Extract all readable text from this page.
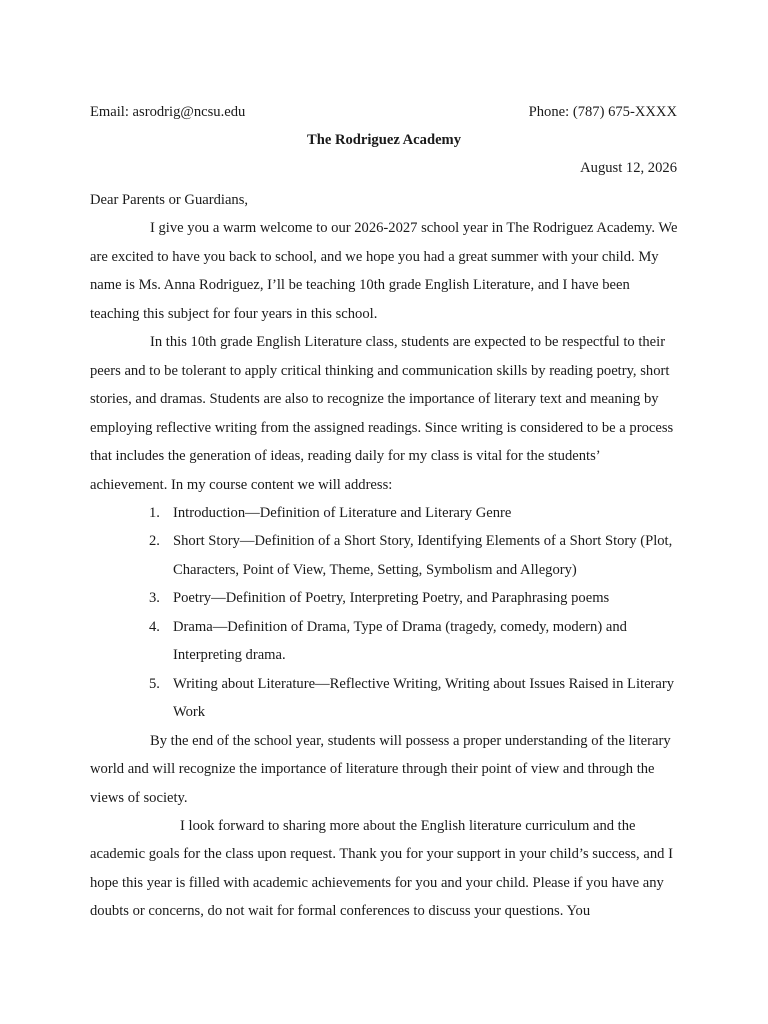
Email: asrodrig@ncsu.edu	Phone: (787) 675-XXXX
The Rodriguez Academy
August 12, 2026

Dear Parents or Guardians,

I give you a warm welcome to our 2026-2027 school year in The Rodriguez Academy. We are excited to have you back to school, and we hope you had a great summer with your child. My name is Ms. Anna Rodriguez, I’ll be teaching 10th grade English Literature, and I have been teaching this subject for four years in this school.

In this 10th grade English Literature class, students are expected to be respectful to their peers and to be tolerant to apply critical thinking and communication skills by reading poetry, short stories, and dramas. Students are also to recognize the importance of literary text and meaning by employing reflective writing from the assigned readings. Since writing is considered to be a process that includes the generation of ideas, reading daily for my class is vital for the students’ achievement. In my course content we will address:

1. Introduction—Definition of Literature and Literary Genre
2. Short Story—Definition of a Short Story, Identifying Elements of a Short Story (Plot, Characters, Point of View, Theme, Setting, Symbolism and Allegory)
3. Poetry—Definition of Poetry, Interpreting Poetry, and Paraphrasing poems
4. Drama—Definition of Drama, Type of Drama (tragedy, comedy, modern) and Interpreting drama.
5. Writing about Literature—Reflective Writing, Writing about Issues Raised in Literary Work

By the end of the school year, students will possess a proper understanding of the literary world and will recognize the importance of literature through their point of view and through the views of society.

I look forward to sharing more about the English literature curriculum and the academic goals for the class upon request. Thank you for your support in your child’s success, and I hope this year is filled with academic achievements for you and your child. Please if you have any doubts or concerns, do not wait for formal conferences to discuss your questions. You
